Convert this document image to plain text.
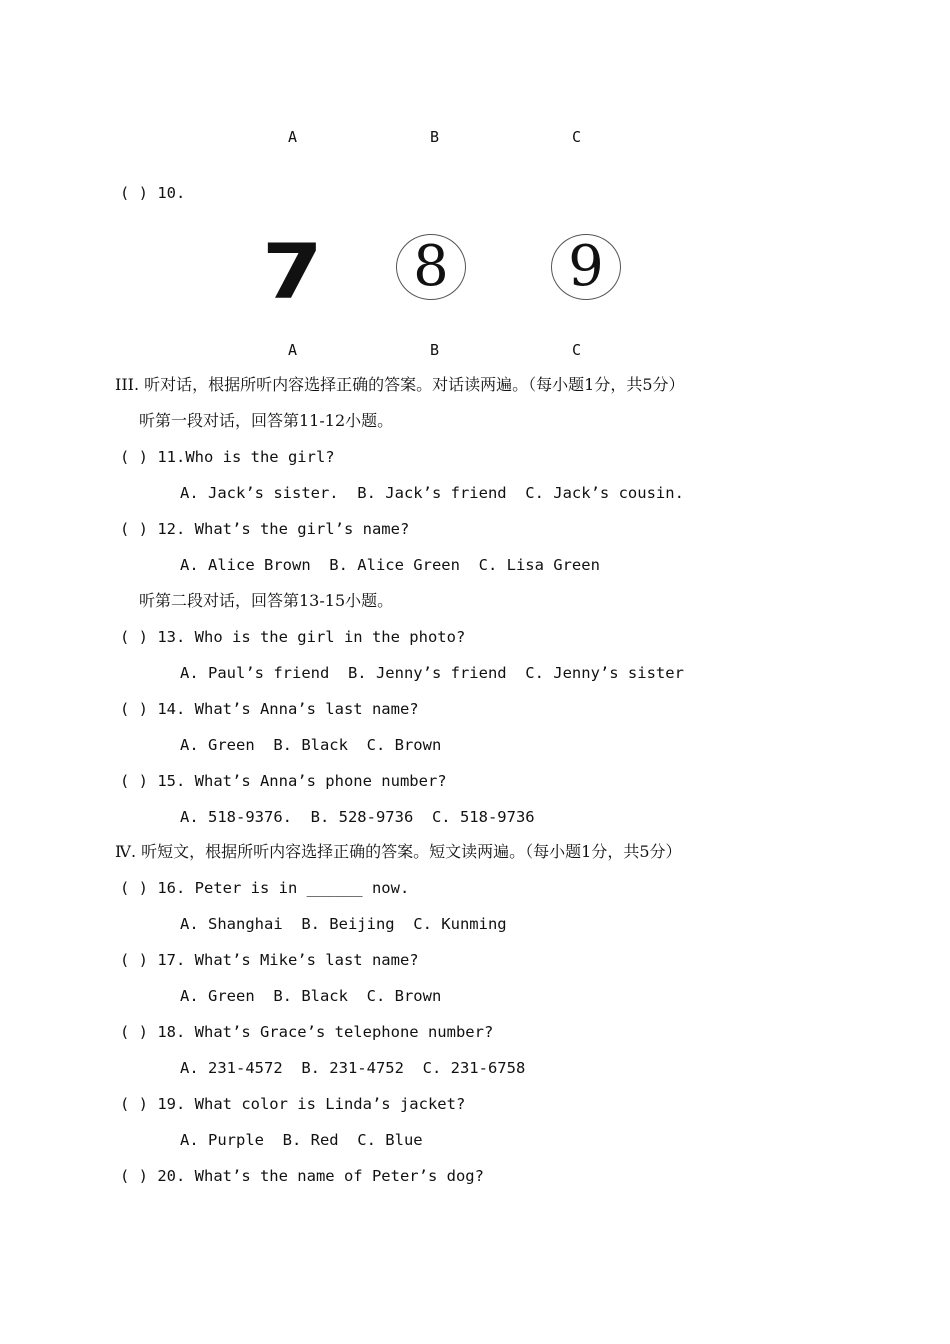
A	B	C
( ) 10.
7 8 9
A	B	C
III. 听对话，根据所听内容选择正确的答案。对话读两遍。（每小题1分，共5分）
听第一段对话，回答第11-12小题。
( ) 11.Who is the girl?
A. Jack’s sister.  B. Jack’s friend  C. Jack’s cousin.
( ) 12. What’s the girl’s name?
A. Alice Brown  B. Alice Green  C. Lisa Green
听第二段对话，回答第13-15小题。
( ) 13. Who is the girl in the photo?
A. Paul’s friend  B. Jenny’s friend  C. Jenny’s sister
( ) 14. What’s Anna’s last name?
A. Green  B. Black  C. Brown
( ) 15. What’s Anna’s phone number?
A. 518-9376.  B. 528-9736  C. 518-9736
Ⅳ. 听短文，根据所听内容选择正确的答案。短文读两遍。（每小题1分，共5分）
( ) 16. Peter is in ______ now.
A. Shanghai  B. Beijing  C. Kunming
( ) 17. What’s Mike’s last name?
A. Green  B. Black  C. Brown
( ) 18. What’s Grace’s telephone number?
A. 231-4572  B. 231-4752  C. 231-6758
( ) 19. What color is Linda’s jacket?
A. Purple  B. Red  C. Blue
( ) 20. What’s the name of Peter’s dog?
